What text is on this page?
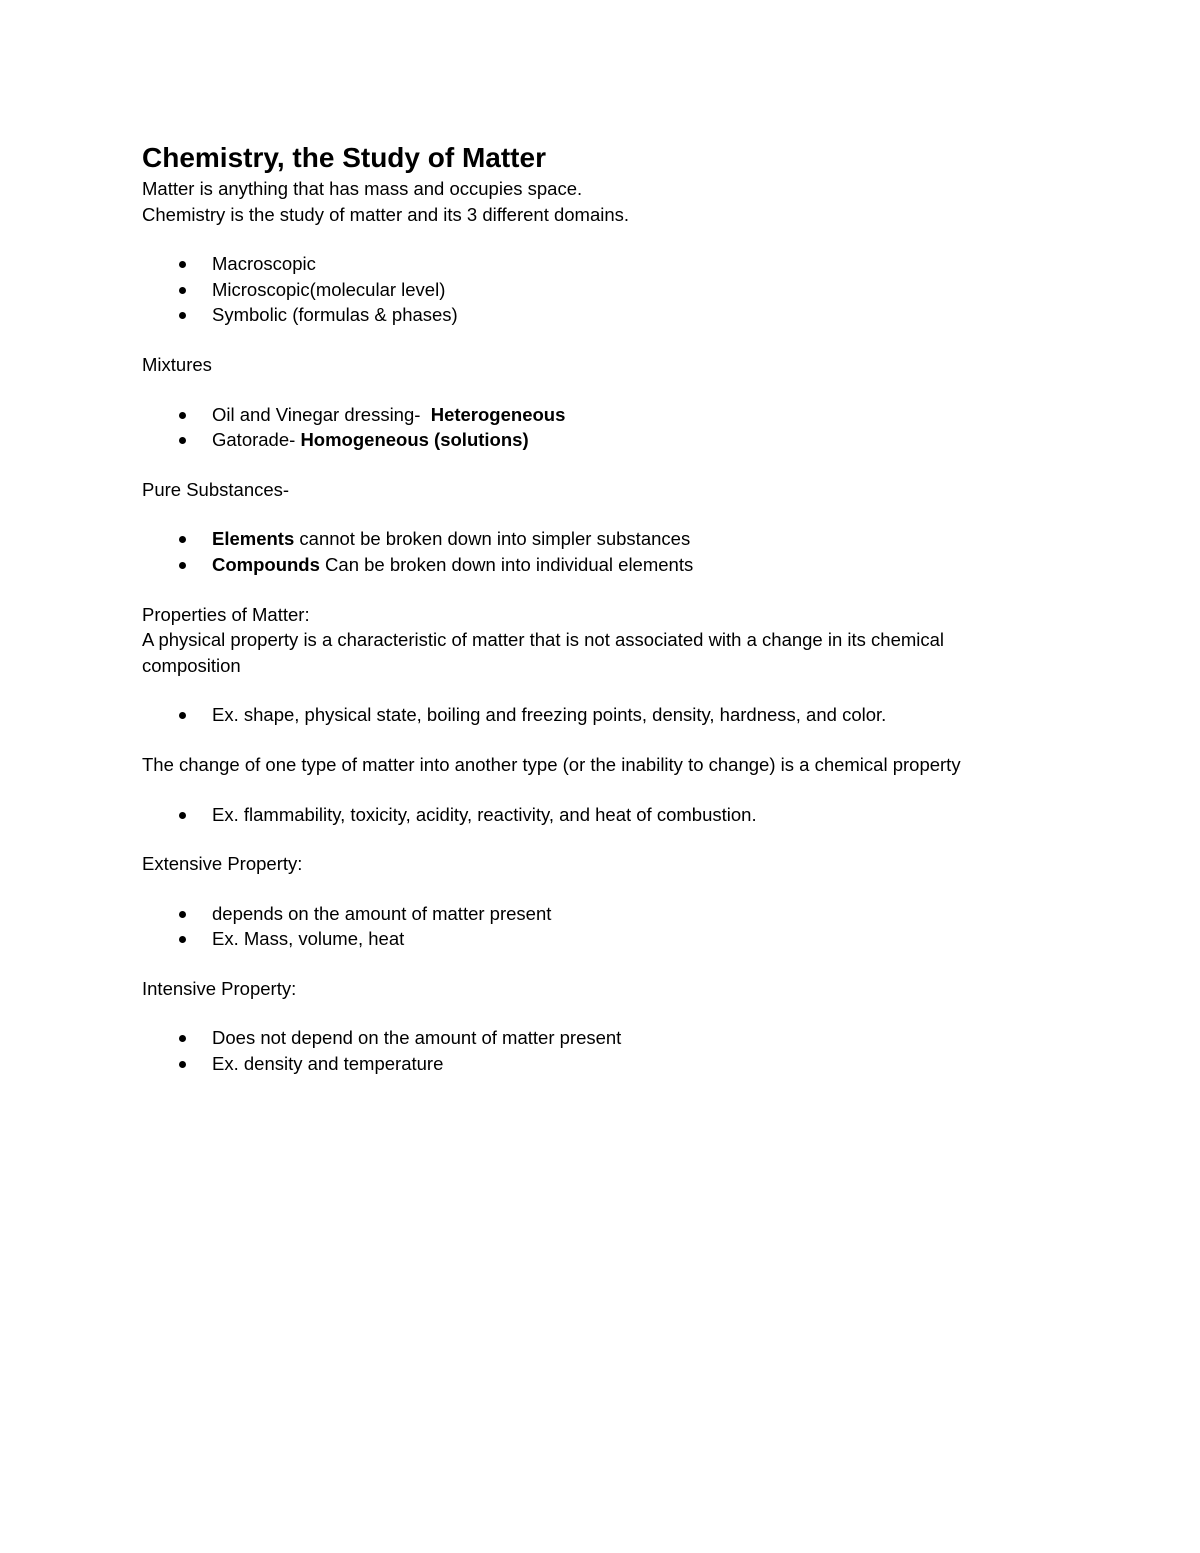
Chemistry, the Study of Matter

Matter is anything that has mass and occupies space.

Chemistry is the study of matter and its 3 different domains.

Macroscopic
Microscopic(molecular level)
Symbolic (formulas & phases)

Mixtures

Oil and Vinegar dressing-  Heterogeneous
Gatorade- Homogeneous (solutions)

Pure Substances-

Elements cannot be broken down into simpler substances
Compounds Can be broken down into individual elements

Properties of Matter:

A physical property is a characteristic of matter that is not associated with a change in its chemical composition

Ex. shape, physical state, boiling and freezing points, density, hardness, and color.

The change of one type of matter into another type (or the inability to change) is a chemical property

Ex. flammability, toxicity, acidity, reactivity, and heat of combustion.

Extensive Property:

depends on the amount of matter present
Ex. Mass, volume, heat

Intensive Property:

Does not depend on the amount of matter present
Ex. density and temperature
